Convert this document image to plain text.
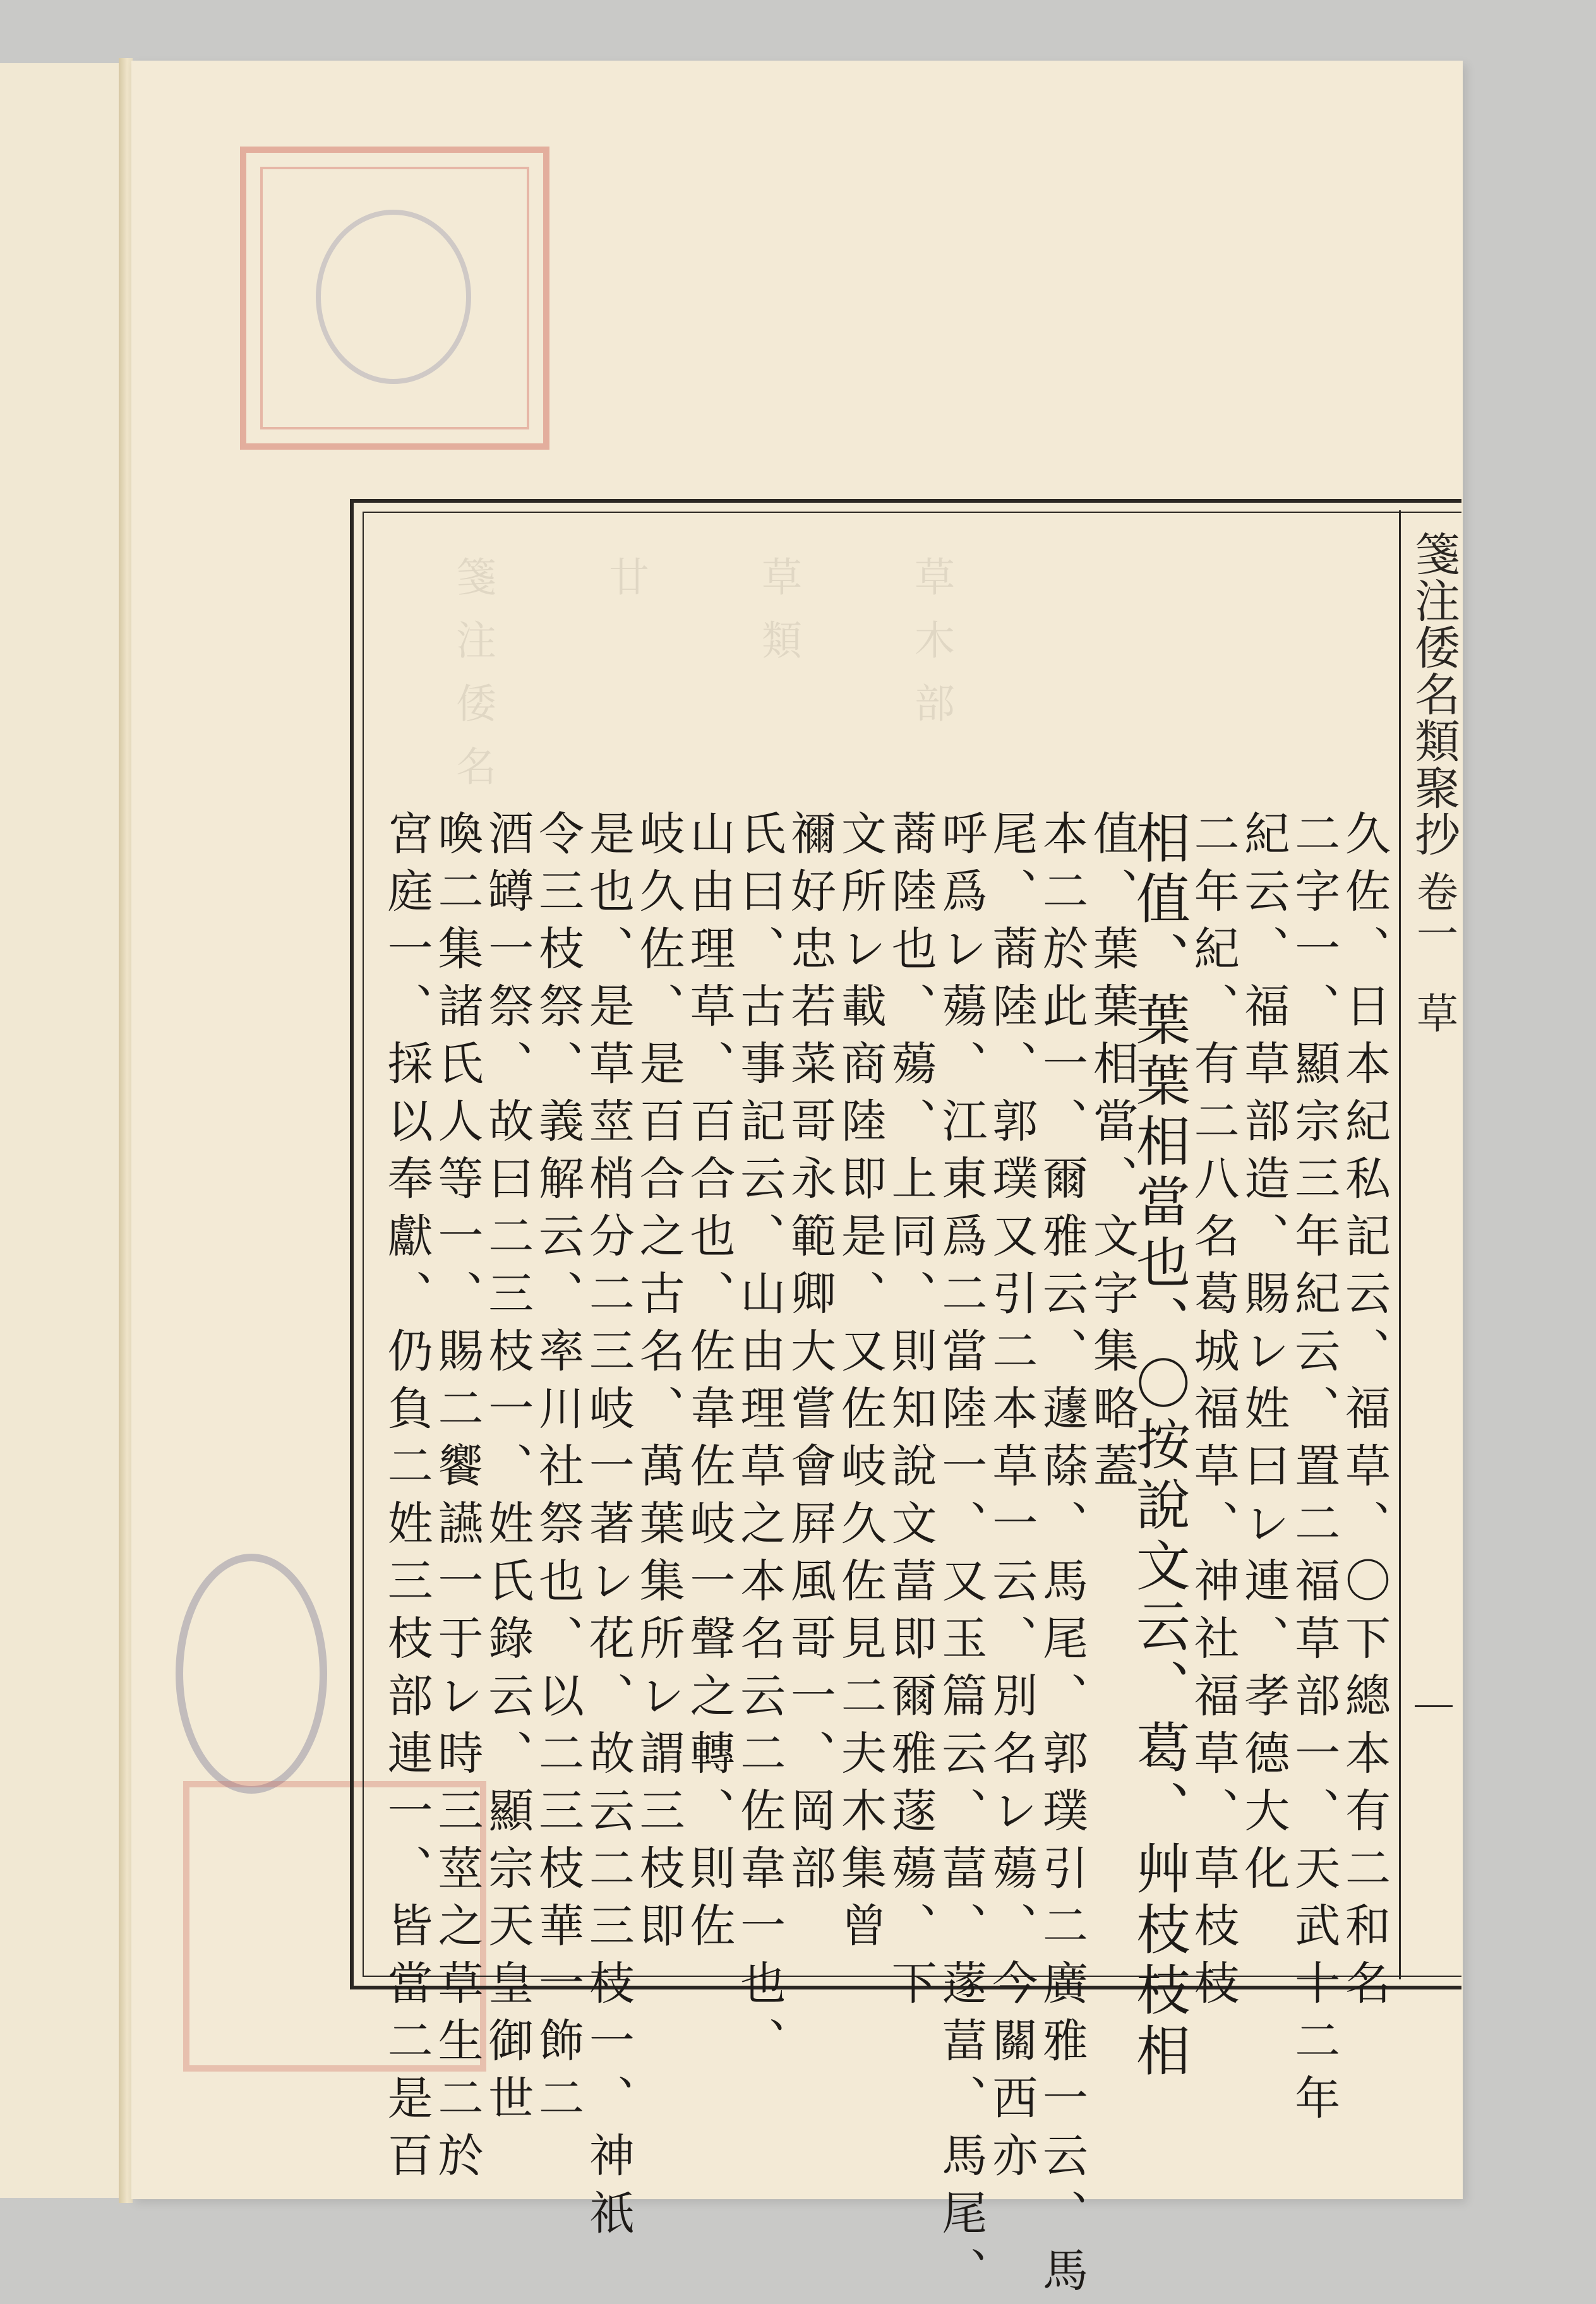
箋注倭名類聚抄
卷一
草
草木部
草類
廿
箋注倭名
久佐、日本紀私記云、福草、〇下總本有二和名
二字一、顯宗三年紀云、置二福草部一、天武十二年
紀云、福草部造、賜レ姓曰レ連、孝德大化
二年紀、有二八名葛城福草、神社福草、草枝枝
相值、葉葉相當也、〇按說文云、葛、艸枝枝相
值、葉葉相當、文字集略蓋
本二於此一、爾雅云、蘧蒢、馬尾、郭璞引二廣雅一云、馬
尾、蔏陸、郭璞又引二本草一云、別名レ薚、今關西亦
呼爲レ薚、江東爲二當陸一、又玉篇云、葍、蓫葍、馬尾、
蔏陸也、薚、上同、則知說文葍即爾雅蓫薚、下
文所レ載商陸即是、又佐岐久佐見二夫木集曾
禰好忠若菜哥永範卿大嘗會屛風哥一、岡部
氏曰、古事記云、山由理草之本名云二佐韋一也、
山由理草、百合也、佐韋佐岐一聲之轉、則佐
岐久佐、是百合之古名、萬葉集所レ謂三枝即
是也、是草莖梢分二三岐一著レ花、故云二三枝一、神祇
令三枝祭、義解云、率川社祭也、以二三枝華一飾二
酒罇一祭、故曰二三枝一、姓氏錄云、顯宗天皇御世
喚二集諸氏人等一、賜二饗讌一于レ時三莖之草生二於
宮庭一、採以奉獻、仍負二姓三枝部連一、皆當二是百
